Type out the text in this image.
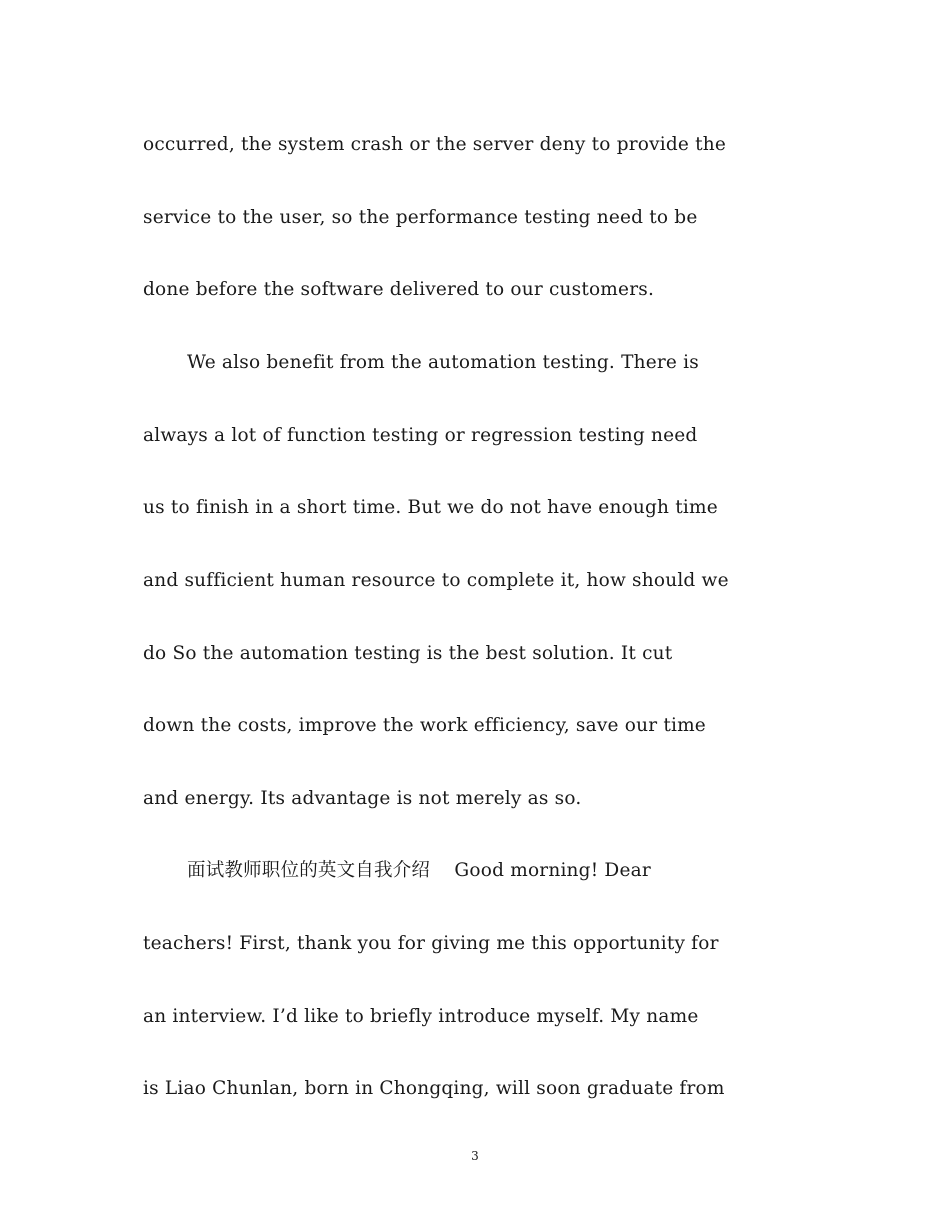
occurred, the system crash or the server deny to provide the
service to the user, so the performance testing need to be
done before the software delivered to our customers.
We also benefit from the automation testing. There is
always a lot of function testing or regression testing need
us to finish in a short time. But we do not have enough time
and sufficient human resource to complete it, how should we
do So the automation testing is the best solution. It cut
down the costs, improve the work efficiency, save our time
and energy. Its advantage is not merely as so.
面试教师职位的英文自我介绍    Good morning! Dear
teachers! First, thank you for giving me this opportunity for
an interview. I’d like to briefly introduce myself. My name
is Liao Chunlan, born in Chongqing, will soon graduate from
3
